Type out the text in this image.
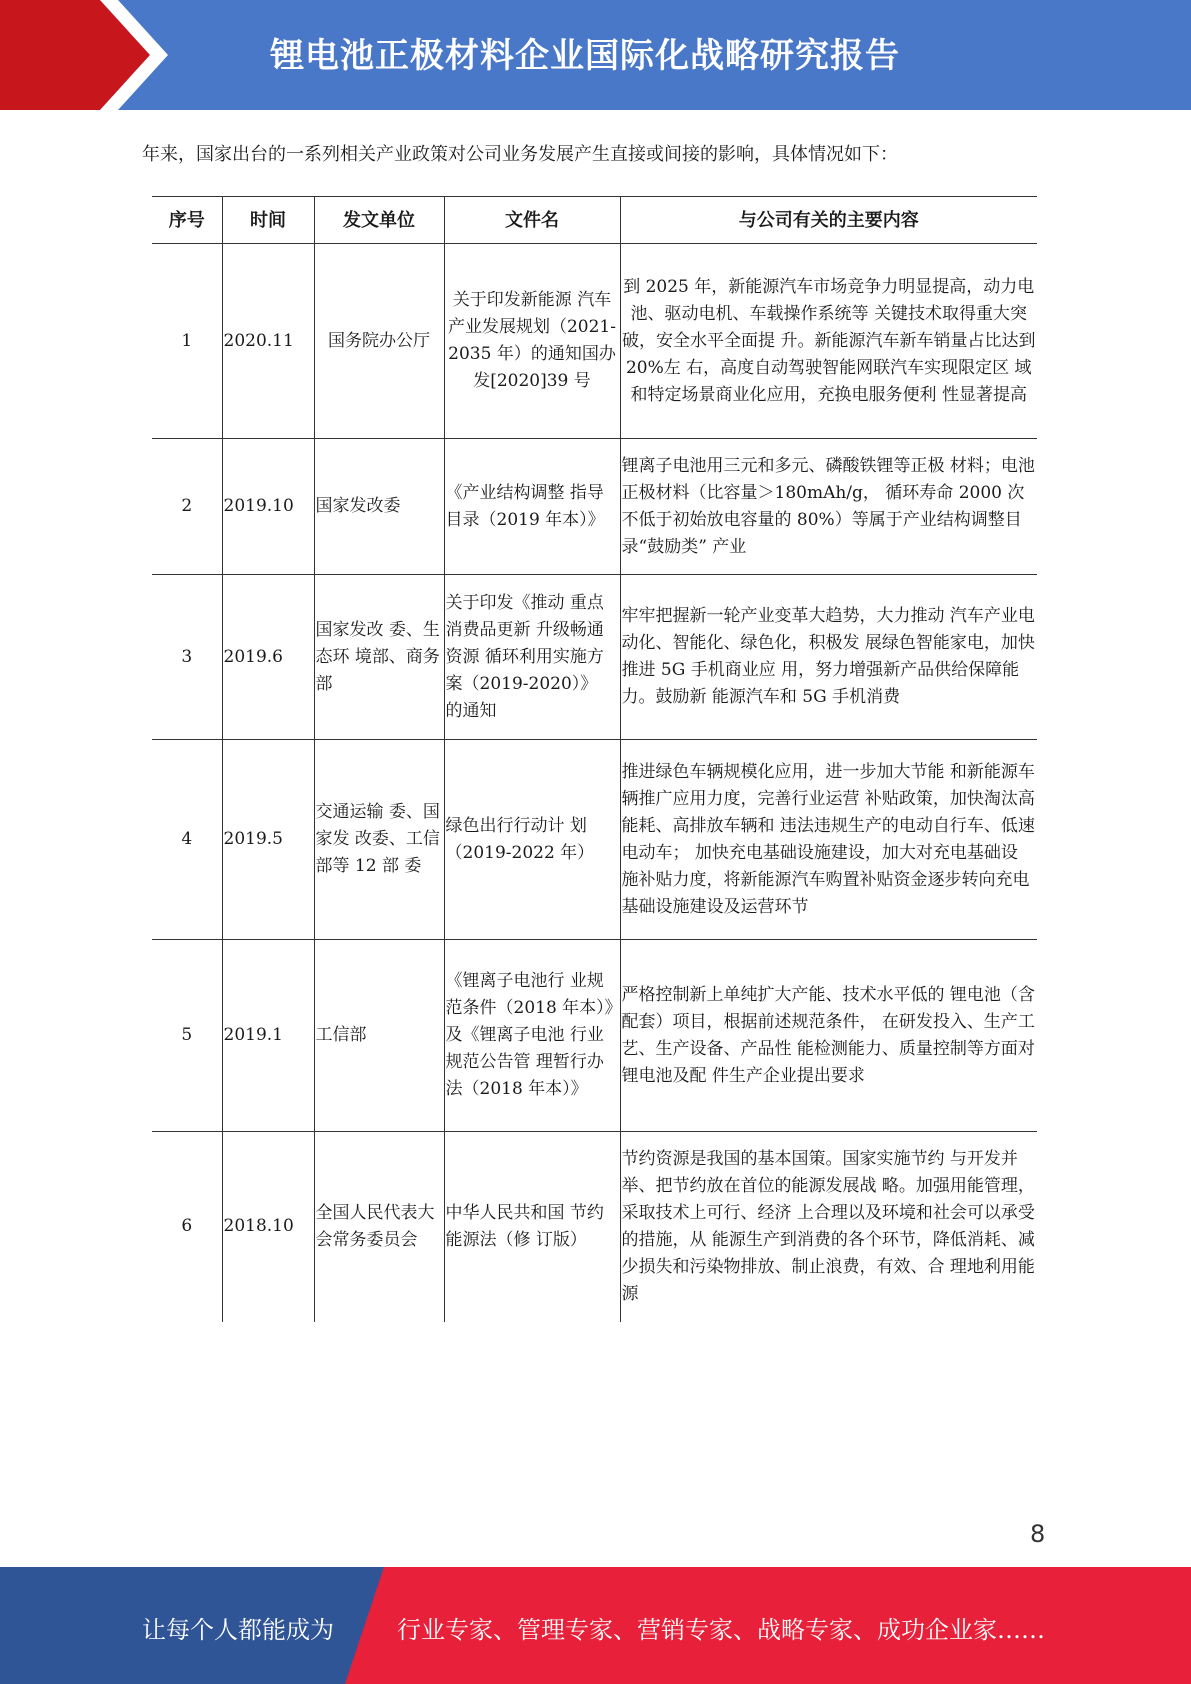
锂电池正极材料企业国际化战略研究报告
年来，国家出台的一系列相关产业政策对公司业务发展产生直接或间接的影响，具体情况如下：
序号	时间	发文单位	文件名	与公司有关的主要内容
1	2020.11	国务院办公厅	关于印发新能源 汽车产业发展规划（2021-2035 年）的通知国办 发[2020]39 号	到 2025 年，新能源汽车市场竞争力明显提高，动力电池、驱动电机、车载操作系统等 关键技术取得重大突破，安全水平全面提 升。新能源汽车新车销量占比达到 20%左 右，高度自动驾驶智能网联汽车实现限定区 域和特定场景商业化应用，充换电服务便利 性显著提高
2	2019.10	国家发改委	《产业结构调整 指导目录（2019 年本）》	锂离子电池用三元和多元、磷酸铁锂等正极 材料；电池正极材料（比容量＞180mAh/g， 循环寿命 2000 次不低于初始放电容量的 80%）等属于产业结构调整目录“鼓励类” 产业
3	2019.6	国家发改 委、生态环 境部、商务 部	关于印发《推动 重点消费品更新 升级畅通资源 循环利用实施方 案（2019-2020）》 的通知	牢牢把握新一轮产业变革大趋势，大力推动 汽车产业电动化、智能化、绿色化，积极发 展绿色智能家电，加快推进 5G 手机商业应 用，努力增强新产品供给保障能力。鼓励新 能源汽车和 5G 手机消费
4	2019.5	交通运输 委、国家发 改委、工信 部等 12 部 委	绿色出行行动计 划（2019-2022 年）	推进绿色车辆规模化应用，进一步加大节能 和新能源车辆推广应用力度，完善行业运营 补贴政策，加快淘汰高能耗、高排放车辆和 违法违规生产的电动自行车、低速电动车； 加快充电基础设施建设，加大对充电基础设 施补贴力度，将新能源汽车购置补贴资金逐步转向充电基础设施建设及运营环节
5	2019.1	工信部	《锂离子电池行 业规范条件（2018 年本）》及《锂离子电池 行业规范公告管 理暂行办法（2018 年本）》	严格控制新上单纯扩大产能、技术水平低的 锂电池（含配套）项目，根据前述规范条件， 在研发投入、生产工艺、生产设备、产品性 能检测能力、质量控制等方面对锂电池及配 件生产企业提出要求
6	2018.10	全国人民代表大会常务委员会	中华人民共和国 节约能源法（修 订版）	节约资源是我国的基本国策。国家实施节约 与开发并举、把节约放在首位的能源发展战 略。加强用能管理，采取技术上可行、经济 上合理以及环境和社会可以承受的措施，从 能源生产到消费的各个环节，降低消耗、减 少损失和污染物排放、制止浪费，有效、合 理地利用能源
8
让每个人都能成为	行业专家、管理专家、营销专家、战略专家、成功企业家……
